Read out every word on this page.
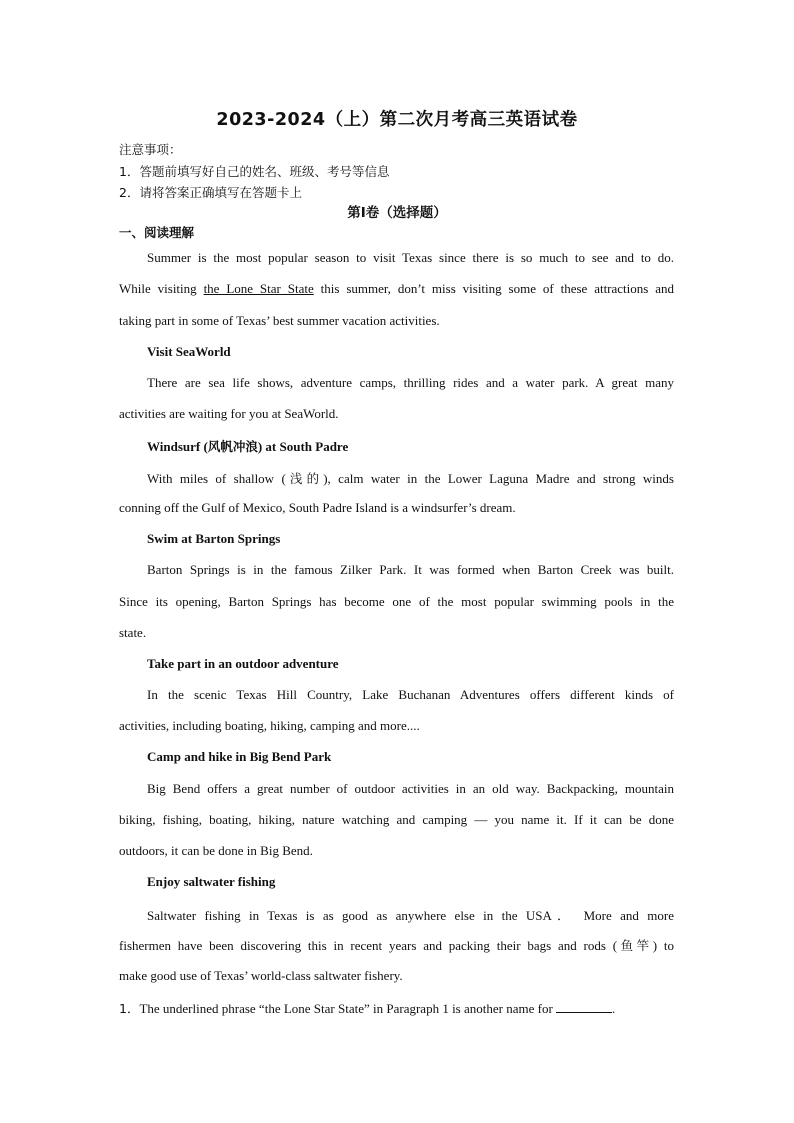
2023-2024（上）第二次月考高三英语试卷
注意事项：
1．答题前填写好自己的姓名、班级、考号等信息
2．请将答案正确填写在答题卡上
第I卷（选择题）
一、阅读理解
Summer is the most popular season to visit Texas since there is so much to see and to do.
While visiting the Lone Star State this summer, don’t miss visiting some of these attractions and
taking part in some of Texas’ best summer vacation activities.
Visit SeaWorld
There are sea life shows, adventure camps, thrilling rides and a water park. A great many
activities are waiting for you at SeaWorld.
Windsurf (风帆冲浪) at South Padre
With miles of shallow (浅的), calm water in the Lower Laguna Madre and strong winds
conning off the Gulf of Mexico, South Padre Island is a windsurfer’s dream.
Swim at Barton Springs
Barton Springs is in the famous Zilker Park. It was formed when Barton Creek was built.
Since its opening, Barton Springs has become one of the most popular swimming pools in the
state.
Take part in an outdoor adventure
In the scenic Texas Hill Country, Lake Buchanan Adventures offers different kinds of
activities, including boating, hiking, camping and more....
Camp and hike in Big Bend Park
Big Bend offers a great number of outdoor activities in an old way. Backpacking, mountain
biking, fishing, boating, hiking, nature watching and camping — you name it. If it can be done
outdoors, it can be done in Big Bend.
Enjoy saltwater fishing
Saltwater fishing in Texas is as good as anywhere else in the USA． More and more
fishermen have been discovering this in recent years and packing their bags and rods (鱼竿) to
make good use of Texas’ world-class saltwater fishery.
1．The underlined phrase “the Lone Star State” in Paragraph 1 is another name for	.
